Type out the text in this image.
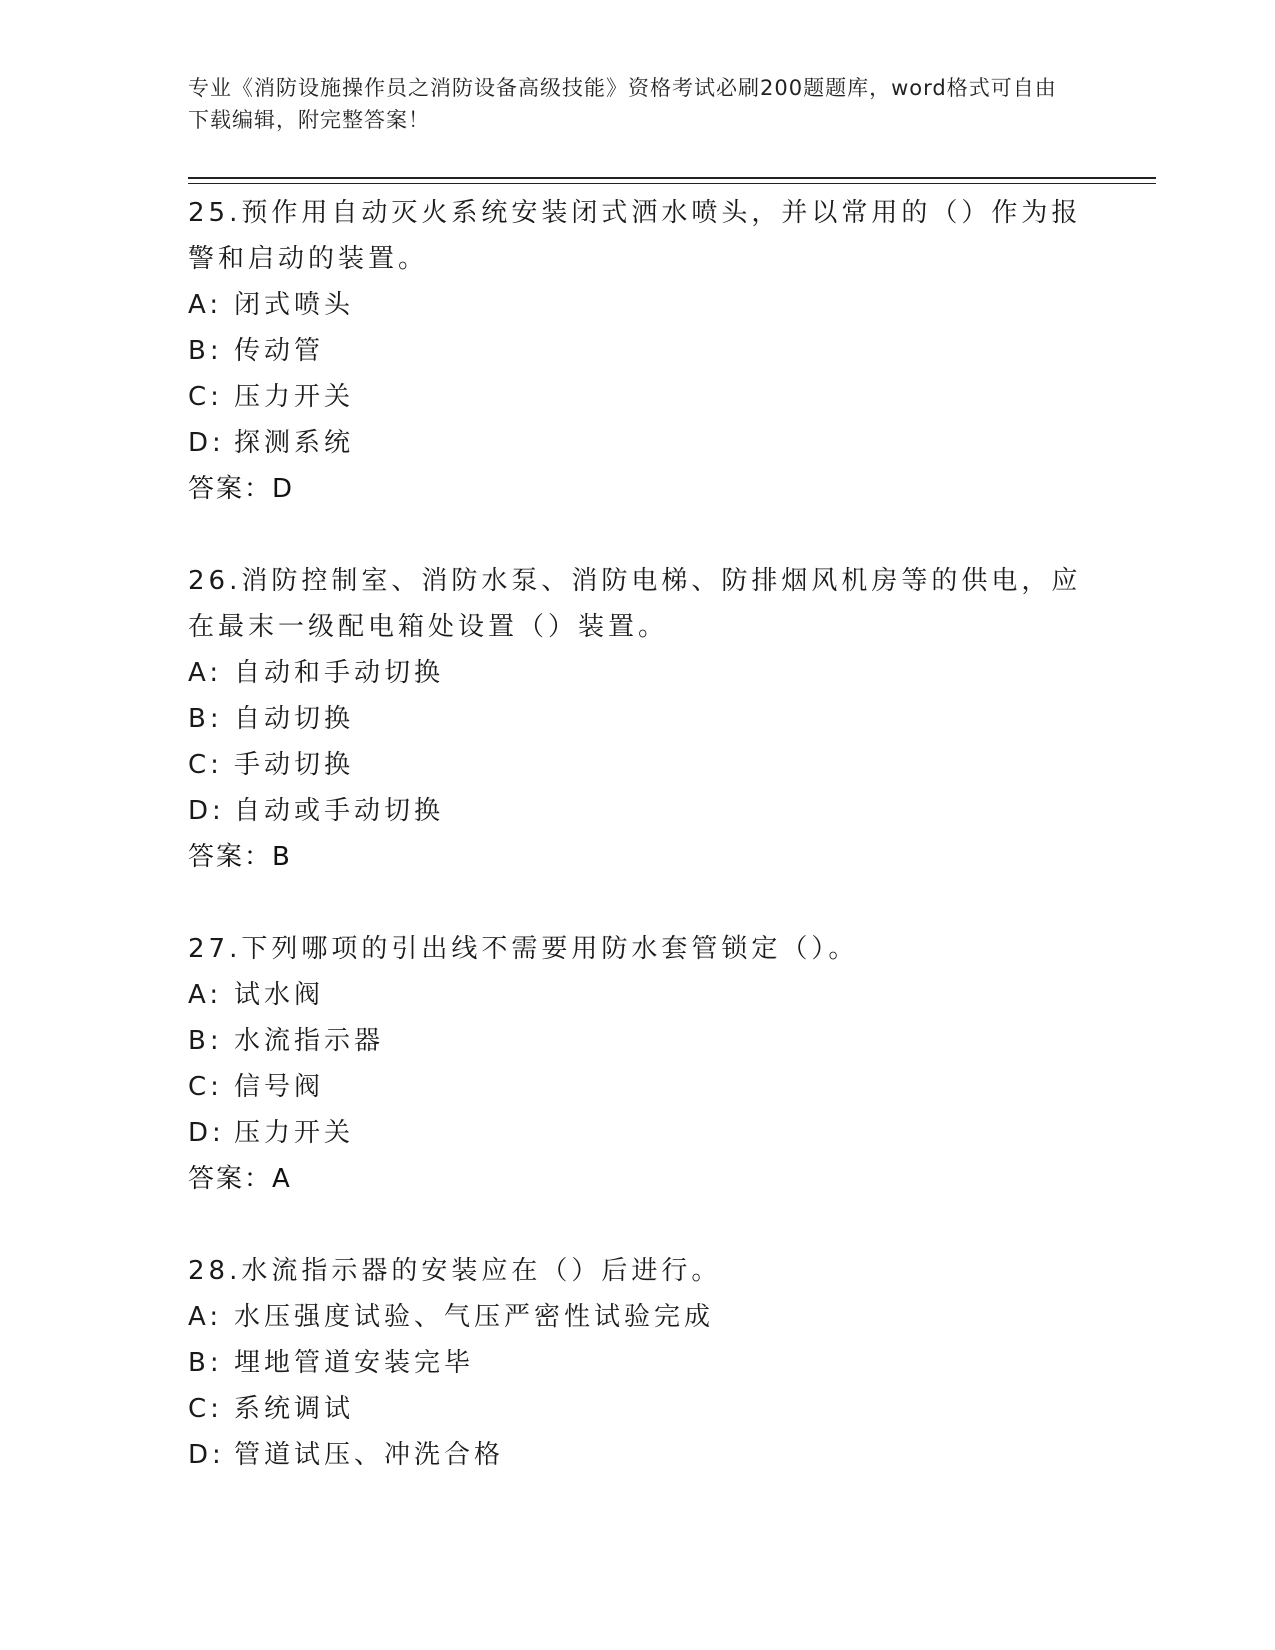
专业《消防设施操作员之消防设备高级技能》资格考试必刷200题题库，word格式可自由下载编辑，附完整答案！

25.预作用自动灭火系统安装闭式洒水喷头，并以常用的（）作为报警和启动的装置。

A: 闭式喷头

B: 传动管

C: 压力开关

D: 探测系统

答案：D

26.消防控制室、消防水泵、消防电梯、防排烟风机房等的供电，应在最末一级配电箱处设置（）装置。

A: 自动和手动切换

B: 自动切换

C: 手动切换

D: 自动或手动切换

答案：B

27.下列哪项的引出线不需要用防水套管锁定（）。

A: 试水阀

B: 水流指示器

C: 信号阀

D: 压力开关

答案：A

28.水流指示器的安装应在（）后进行。

A: 水压强度试验、气压严密性试验完成

B: 埋地管道安装完毕

C: 系统调试

D: 管道试压、冲洗合格
